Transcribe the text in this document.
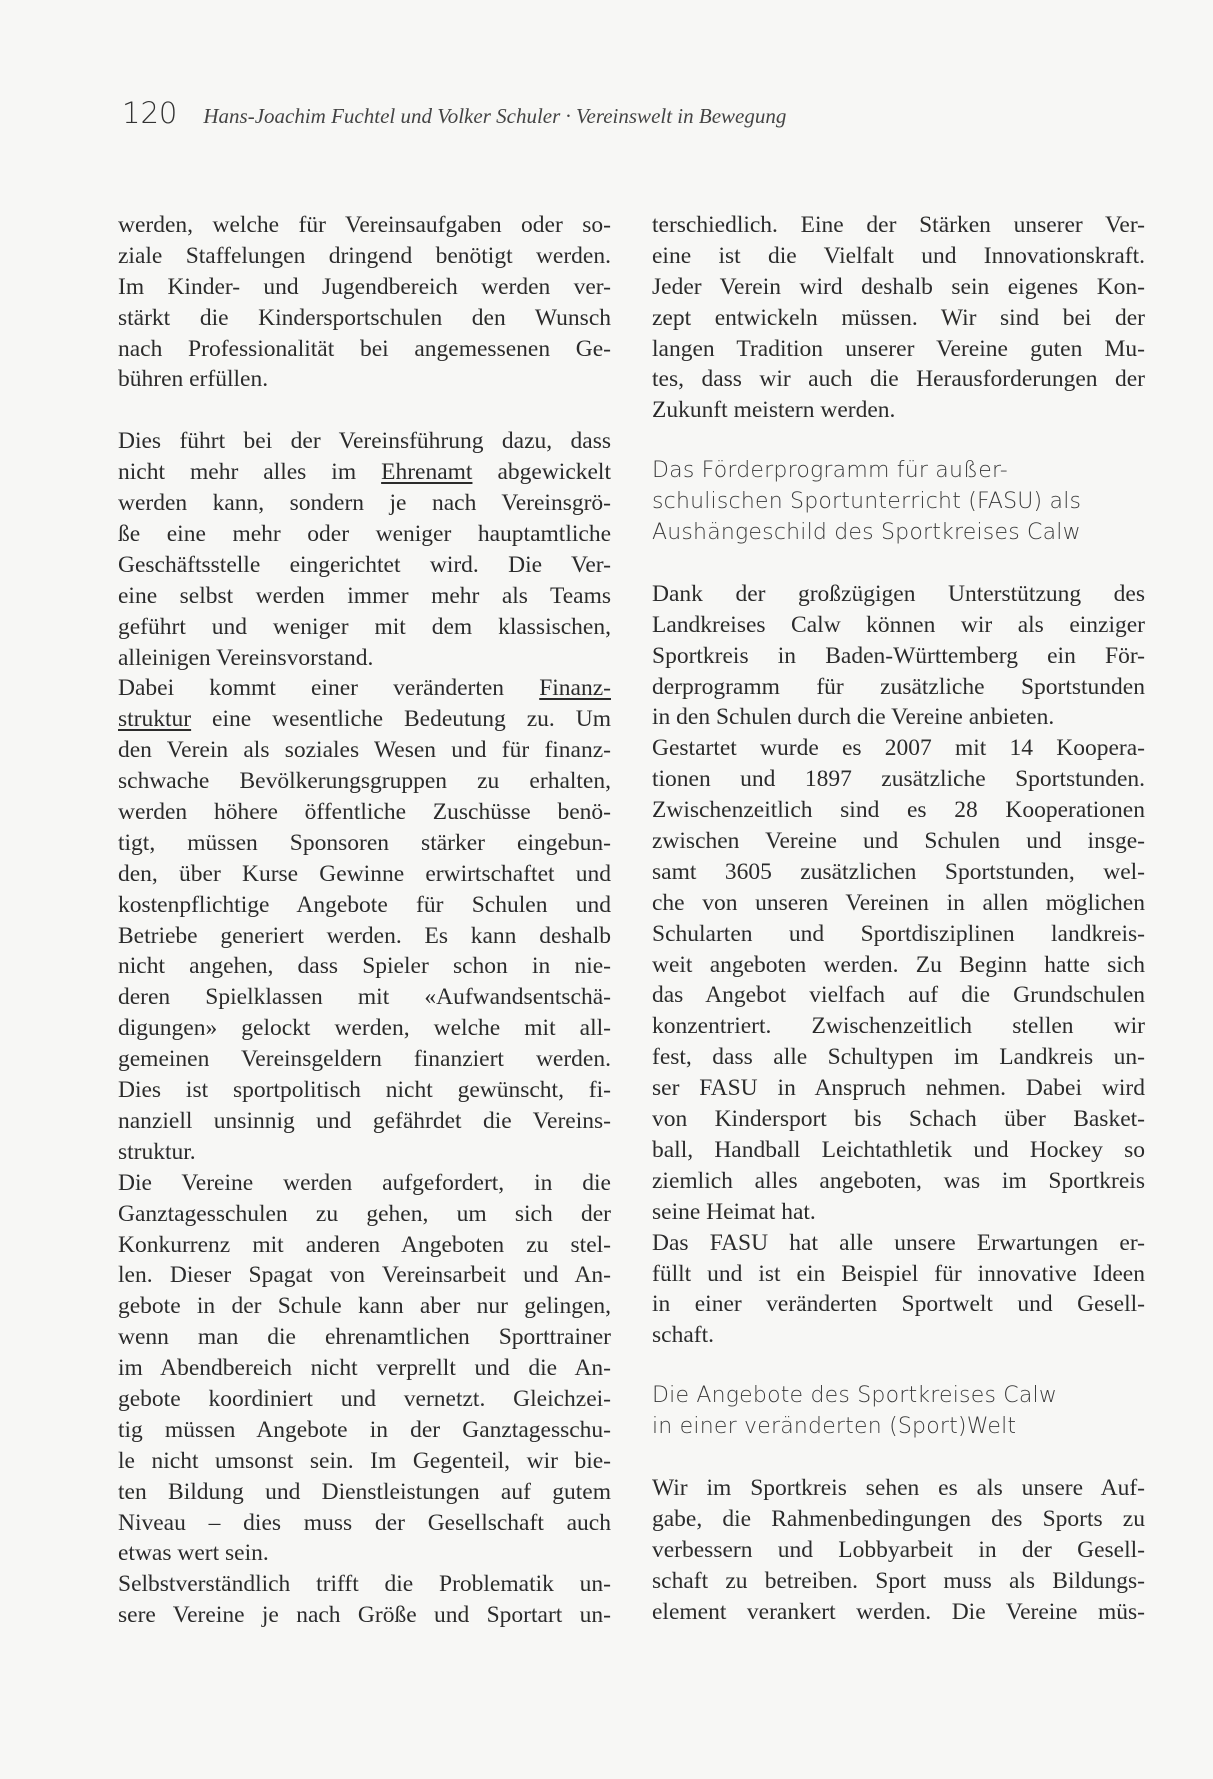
120 Hans-Joachim Fuchtel und Volker Schuler · Vereinswelt in Bewegung
werden, welche für Vereinsaufgaben oder so-
ziale Staffelungen dringend benötigt werden.
Im Kinder- und Jugendbereich werden ver-
stärkt die Kindersportschulen den Wunsch
nach Professionalität bei angemessenen Ge-
bühren erfüllen.
Dies führt bei der Vereinsführung dazu, dass
nicht mehr alles im Ehrenamt abgewickelt
werden kann, sondern je nach Vereinsgrö-
ße eine mehr oder weniger hauptamtliche
Geschäftsstelle eingerichtet wird. Die Ver-
eine selbst werden immer mehr als Teams
geführt und weniger mit dem klassischen,
alleinigen Vereinsvorstand.
Dabei kommt einer veränderten Finanz-
struktur eine wesentliche Bedeutung zu. Um
den Verein als soziales Wesen und für finanz-
schwache Bevölkerungsgruppen zu erhalten,
werden höhere öffentliche Zuschüsse benö-
tigt, müssen Sponsoren stärker eingebun-
den, über Kurse Gewinne erwirtschaftet und
kostenpflichtige Angebote für Schulen und
Betriebe generiert werden. Es kann deshalb
nicht angehen, dass Spieler schon in nie-
deren Spielklassen mit «Aufwandsentschä-
digungen» gelockt werden, welche mit all-
gemeinen Vereinsgeldern finanziert werden.
Dies ist sportpolitisch nicht gewünscht, fi-
nanziell unsinnig und gefährdet die Vereins-
struktur.
Die Vereine werden aufgefordert, in die
Ganztagesschulen zu gehen, um sich der
Konkurrenz mit anderen Angeboten zu stel-
len. Dieser Spagat von Vereinsarbeit und An-
gebote in der Schule kann aber nur gelingen,
wenn man die ehrenamtlichen Sporttrainer
im Abendbereich nicht verprellt und die An-
gebote koordiniert und vernetzt. Gleichzei-
tig müssen Angebote in der Ganztagesschu-
le nicht umsonst sein. Im Gegenteil, wir bie-
ten Bildung und Dienstleistungen auf gutem
Niveau – dies muss der Gesellschaft auch
etwas wert sein.
Selbstverständlich trifft die Problematik un-
sere Vereine je nach Größe und Sportart un-
terschiedlich. Eine der Stärken unserer Ver-
eine ist die Vielfalt und Innovationskraft.
Jeder Verein wird deshalb sein eigenes Kon-
zept entwickeln müssen. Wir sind bei der
langen Tradition unserer Vereine guten Mu-
tes, dass wir auch die Herausforderungen der
Zukunft meistern werden.
Das Förderprogramm für außer-
schulischen Sportunterricht (FASU) als
Aushängeschild des Sportkreises Calw
Dank der großzügigen Unterstützung des
Landkreises Calw können wir als einziger
Sportkreis in Baden-Württemberg ein För-
derprogramm für zusätzliche Sportstunden
in den Schulen durch die Vereine anbieten.
Gestartet wurde es 2007 mit 14 Koopera-
tionen und 1897 zusätzliche Sportstunden.
Zwischenzeitlich sind es 28 Kooperationen
zwischen Vereine und Schulen und insge-
samt 3605 zusätzlichen Sportstunden, wel-
che von unseren Vereinen in allen möglichen
Schularten und Sportdisziplinen landkreis-
weit angeboten werden. Zu Beginn hatte sich
das Angebot vielfach auf die Grundschulen
konzentriert. Zwischenzeitlich stellen wir
fest, dass alle Schultypen im Landkreis un-
ser FASU in Anspruch nehmen. Dabei wird
von Kindersport bis Schach über Basket-
ball, Handball Leichtathletik und Hockey so
ziemlich alles angeboten, was im Sportkreis
seine Heimat hat.
Das FASU hat alle unsere Erwartungen er-
füllt und ist ein Beispiel für innovative Ideen
in einer veränderten Sportwelt und Gesell-
schaft.
Die Angebote des Sportkreises Calw
in einer veränderten (Sport)Welt
Wir im Sportkreis sehen es als unsere Auf-
gabe, die Rahmenbedingungen des Sports zu
verbessern und Lobbyarbeit in der Gesell-
schaft zu betreiben. Sport muss als Bildungs-
element verankert werden. Die Vereine müs-
